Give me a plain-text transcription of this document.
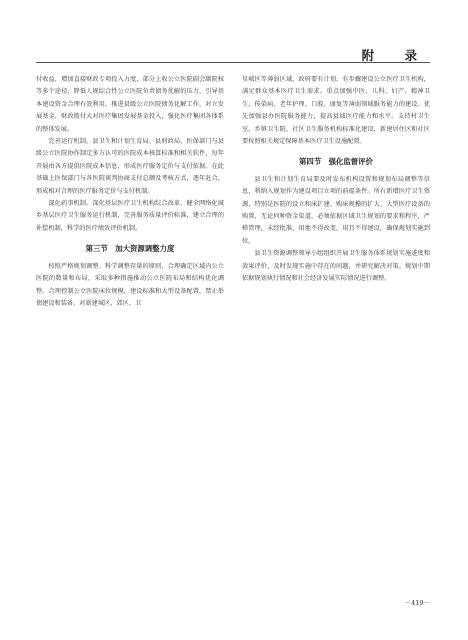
附 录

付收益，增加直接财政专项投入力度，部分上收公立医院副会副院权等多个途径，降低人规综合性公立医院负责债务优解的压力，引导基本建设资金合理有效利用。推进县级公立医院债务化解工作，对立发展基金，财政拨付大对医疗集团发展基金投入，强化医疗集团各体系的整体发展。

完善运行机制。县卫生和计划生育局、县财政局，医保部门与县级公立医院协作制定多方认可的医院成本核算标准和相关软件，每年开展由各方提供医院成本信息，形成医疗服务定价与支付依据。在此基础上医保部门与各医院谈判协商支付总额及考核方式，逐年赶合，形成相对合理的医疗服务定价与支付机制。

深化药事机制。深化基层医疗卫生机构综合改革，健全网络化城乡基层医疗卫生服务运行机制，完善服务质量评价标准，建立合理的补偿机制，科学的医疗绩效评价机制。

第三节　加大资源调整力度

按照严格规划调整、科学调整存量的原则，合理确定区域内公立医院的数量和布局，采取多种措施推动公立医院布局和结构优化调整。合理控制公立医院床位规模，建设标准和大型设备配置，禁止举债建设和装备。对新建城区、郊区、卫

星城区等薄弱区域，政府要有计划、有步骤建设公立医疗卫生机构，满足群众基本医疗卫生需求。重点加强中医、儿科、妇产、精神卫生、传染病、老年护理、口腔、康复等薄弱领域服务能力的建设。优先加强县办医院服务能力，提高县域医疗能力和水平。支持村卫生室、乡镇卫生院、社区卫生服务机构标准化建设，新建居住区和社区要按照相关规定保障基本医疗卫生设施配置。

第四节　强化监督评价

县卫生和计划生育局要及时发布机构设置和规划布局调整等信息，将纳入规划作为建设项目立项的前提条件。所有新增医疗卫生资源，特别是医院的设立和床扩建、购床规模的扩大、大型医疗设备的购置，无论何种资金渠道，必须依据区域卫生规划的要求和程序，严格管理，未经批准，用地不得改变，用且不得建设，确保规划实施到位。

县卫生资源调整领导小组组织开展卫生服务体系规划实施进度和效果评价，及时发现实施中存在的问题，并研究解决对策。规划中期依据规划执行情况和社会经济发展实际情况进行调整。

－419－
